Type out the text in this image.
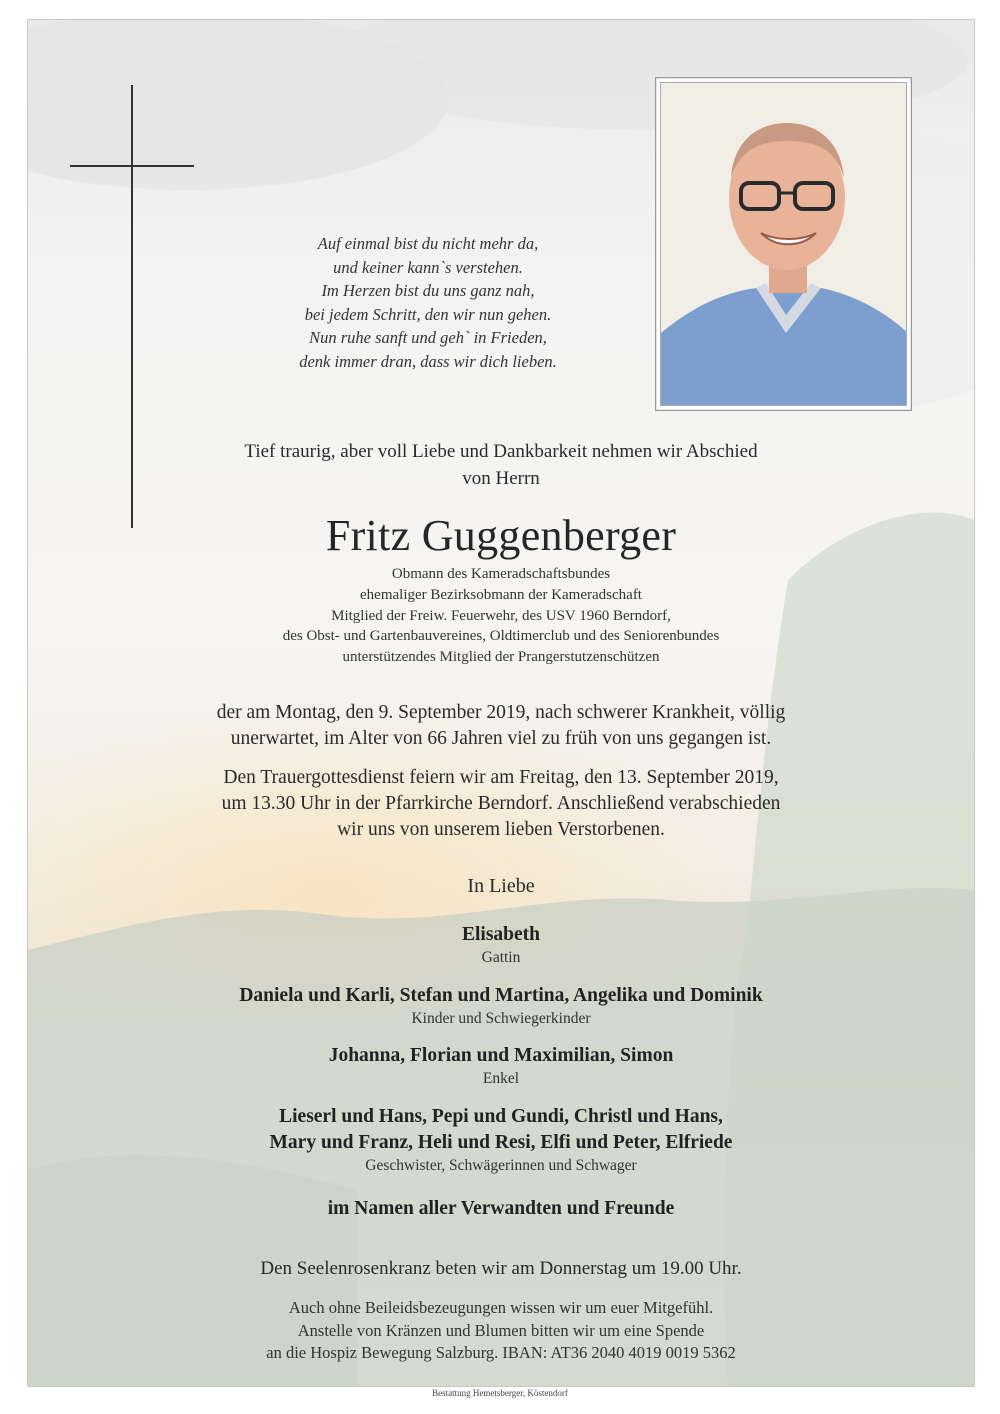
Auf einmal bist du nicht mehr da,
und keiner kann`s verstehen.
Im Herzen bist du uns ganz nah,
bei jedem Schritt, den wir nun gehen.
Nun ruhe sanft und geh` in Frieden,
denk immer dran, dass wir dich lieben.
Tief traurig, aber voll Liebe und Dankbarkeit nehmen wir Abschied
von Herrn
Fritz Guggenberger
Obmann des Kameradschaftsbundes
ehemaliger Bezirksobmann der Kameradschaft
Mitglied der Freiw. Feuerwehr, des USV 1960 Berndorf,
des Obst- und Gartenbauvereines, Oldtimerclub und des Seniorenbundes
unterstützendes Mitglied der Prangerstutzenschützen
der am Montag, den 9. September 2019, nach schwerer Krankheit, völlig
unerwartet, im Alter von 66 Jahren viel zu früh von uns gegangen ist.
Den Trauergottesdienst feiern wir am Freitag, den 13. September 2019,
um 13.30 Uhr in der Pfarrkirche Berndorf. Anschließend verabschieden
wir uns von unserem lieben Verstorbenen.
In Liebe
Elisabeth
Gattin
Daniela und Karli, Stefan und Martina, Angelika und Dominik
Kinder und Schwiegerkinder
Johanna, Florian und Maximilian, Simon
Enkel
Lieserl und Hans, Pepi und Gundi, Christl und Hans,
Mary und Franz, Heli und Resi, Elfi und Peter, Elfriede
Geschwister, Schwägerinnen und Schwager
im Namen aller Verwandten und Freunde
Den Seelenrosenkranz beten wir am Donnerstag um 19.00 Uhr.
Auch ohne Beileidsbezeugungen wissen wir um euer Mitgefühl.
Anstelle von Kränzen und Blumen bitten wir um eine Spende
an die Hospiz Bewegung Salzburg. IBAN: AT36 2040 4019 0019 5362
Bestattung Hemetsberger, Köstendorf
